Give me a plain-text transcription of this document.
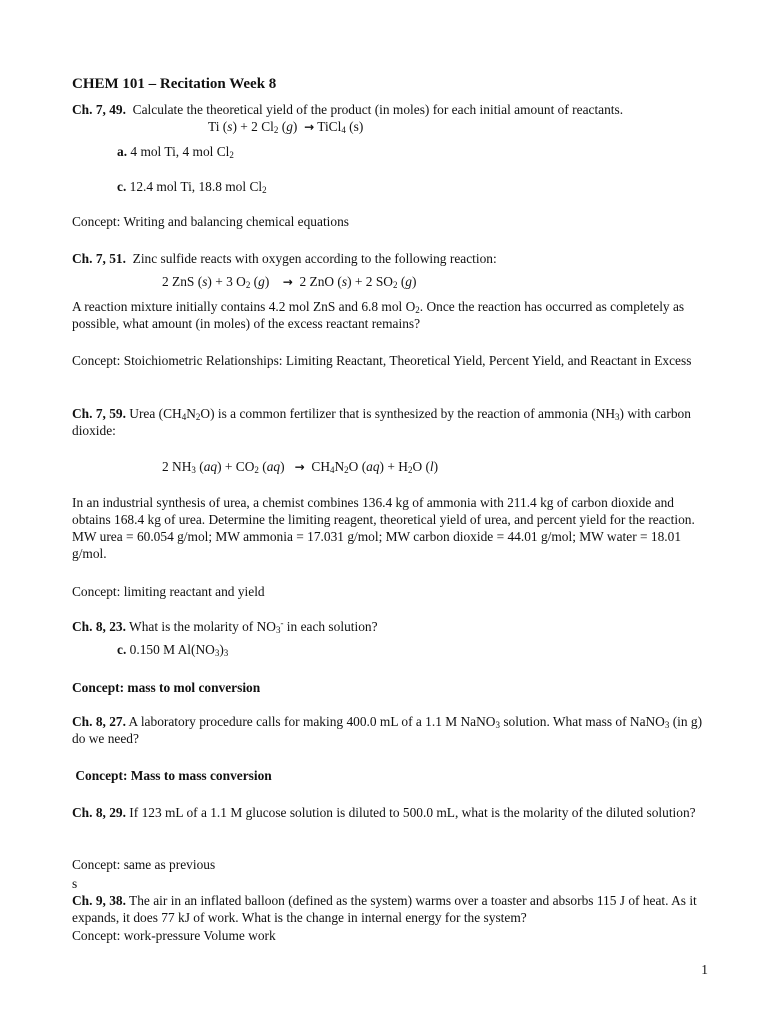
CHEM 101 – Recitation Week 8
Ch. 7, 49. Calculate the theoretical yield of the product (in moles) for each initial amount of reactants.
Ti (s) + 2 $Cl_2$ (g) → TiCl$_4$ (s)
a. 4 mol Ti, 4 mol $Cl_2$
c. 12.4 mol Ti, 18.8 mol $Cl_2$
Concept: Writing and balancing chemical equations
Ch. 7, 51. Zinc sulfide reacts with oxygen according to the following reaction:
2 ZnS (s) + 3 $O_2$ (g) → 2 ZnO (s) + 2 $SO_2$ (g)
A reaction mixture initially contains 4.2 mol ZnS and 6.8 mol $O_2$. Once the reaction has occurred as completely as possible, what amount (in moles) of the excess reactant remains?
Concept: Stoichiometric Relationships: Limiting Reactant, Theoretical Yield, Percent Yield, and Reactant in Excess
Ch. 7, 59. Urea $(CH_4N_2O)$ is a common fertilizer that is synthesized by the reaction of ammonia $(NH_3)$ with carbon dioxide:
2 $NH_3$ $(aq) + CO_2$ $(aq) \to CH_4N_2O$ $(aq) + H_2O$ (l)
In an industrial synthesis of urea, a chemist combines 136.4 kg of ammonia with 211.4 kg of carbon dioxide and obtains 168.4 kg of urea. Determine the limiting reagent, theoretical yield of urea, and percent yield for the reaction. MW urea = 60.054 g/mol; MW ammonia = 17.031 g/mol; MW carbon dioxide = 44.01 g/mol; MW water = 18.01 g/mol.
Concept: limiting reactant and yield
Ch. 8, 23. What is the molarity of $NO_3^-$ in each solution?
c. 0.150 M $Al(NO_3)_3$
Concept: mass to mol conversion
Ch. 8, 27. A laboratory procedure calls for making 400.0 mL of a 1.1 M NaNO$_3$ solution. What mass of NaNO$_3$ (in g) do we need?
Concept: Mass to mass conversion
Ch. 8, 29. If 123 mL of a 1.1 M glucose solution is diluted to 500.0 mL, what is the molarity of the diluted solution?
Concept: same as previous
s
Ch. 9, 38. The air in an inflated balloon (defined as the system) warms over a toaster and absorbs 115 J of heat. As it expands, it does 77 kJ of work. What is the change in internal energy for the system?
Concept: work-pressure Volume work
1
